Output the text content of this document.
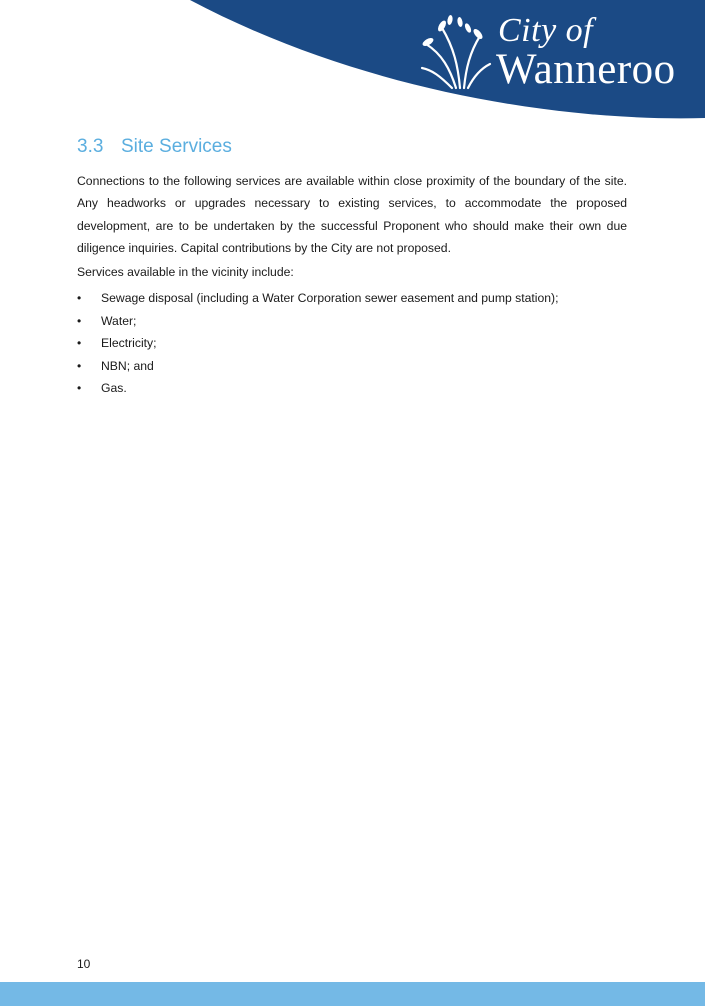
City of
Wanneroo
3.3 Site Services

Connections to the following services are available within close proximity of the boundary of the site. Any headworks or upgrades necessary to existing services, to accommodate the proposed development, are to be undertaken by the successful Proponent who should make their own due diligence inquiries. Capital contributions by the City are not proposed.

Services available in the vicinity include:

• Sewage disposal (including a Water Corporation sewer easement and pump station);
• Water;
• Electricity;
• NBN; and
• Gas.
10
